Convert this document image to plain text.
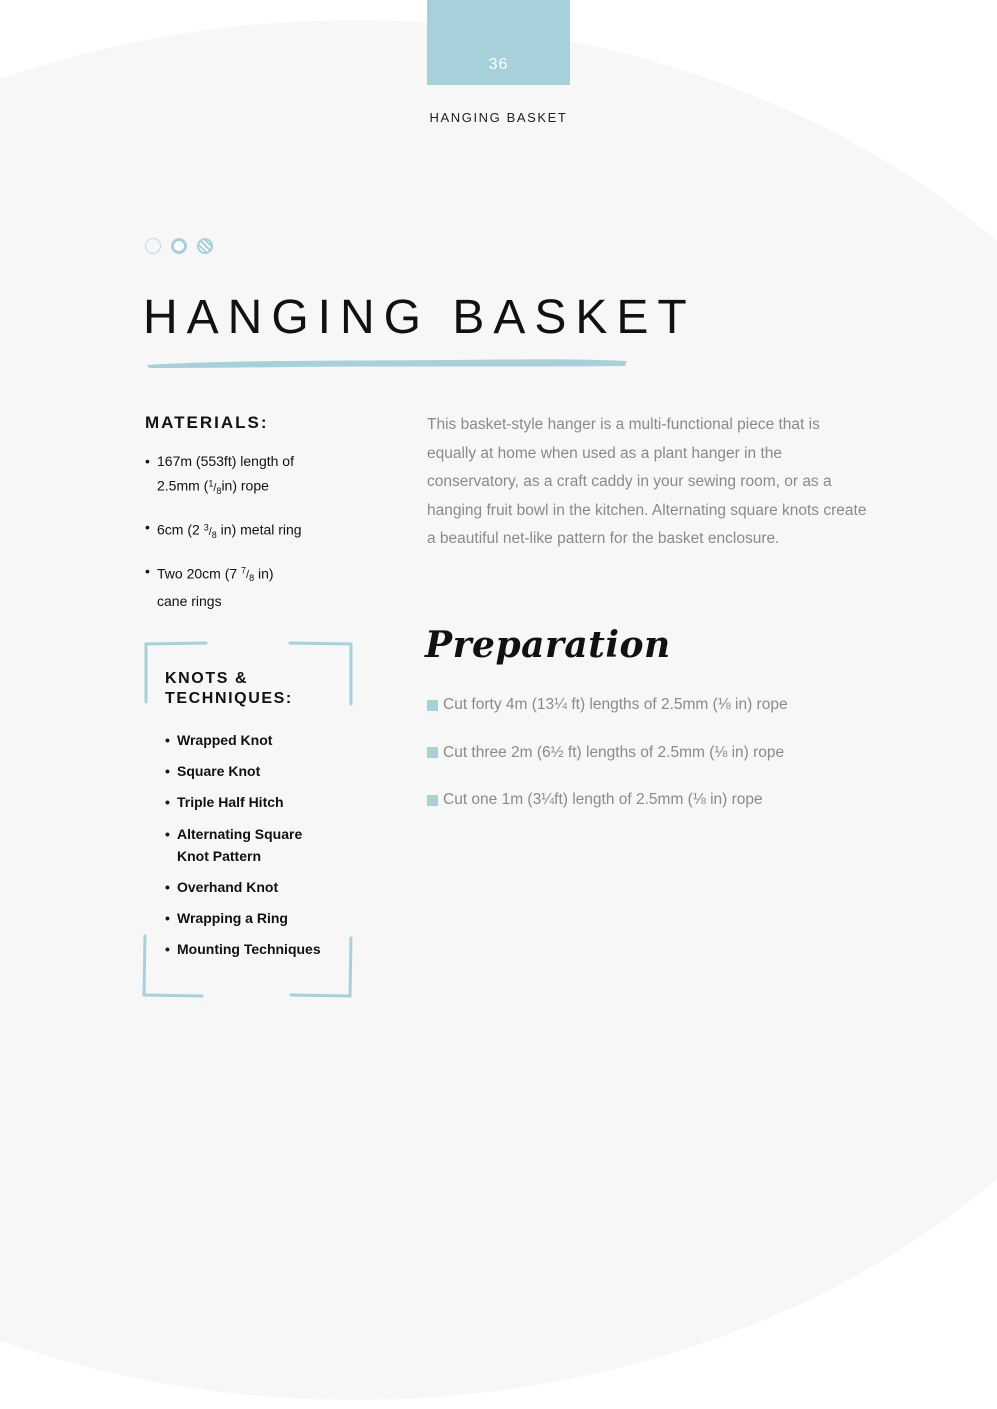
36
HANGING BASKET
HANGING BASKET
MATERIALS:
• 167m (553ft) length of
2.5mm $(^1/_8in)$ rope
• 6cm (2 $^3/_8$ in) metal ring
• Two 20cm (7 $^7/_8$ in)
cane rings

This basket-style hanger is a multi-functional piece that is equally at home when used as a plant hanger in the conservatory, as a craft caddy in your sewing room, or as a hanging fruit bowl in the kitchen. Alternating square knots create a beautiful net-like pattern for the basket enclosure.

KNOTS &
TECHNIQUES:
• Wrapped Knot
• Square Knot
• Triple Half Hitch
• Alternating Square
Knot Pattern
• Overhand Knot
• Wrapping a Ring
• Mounting Techniques
Preparation
Cut forty 4m (13¼ ft) lengths of 2.5mm (⅛ in) rope
Cut three 2m (6½ ft) lengths of 2.5mm (⅛ in) rope
Cut one 1m (3¼ft) length of 2.5mm (⅛ in) rope
